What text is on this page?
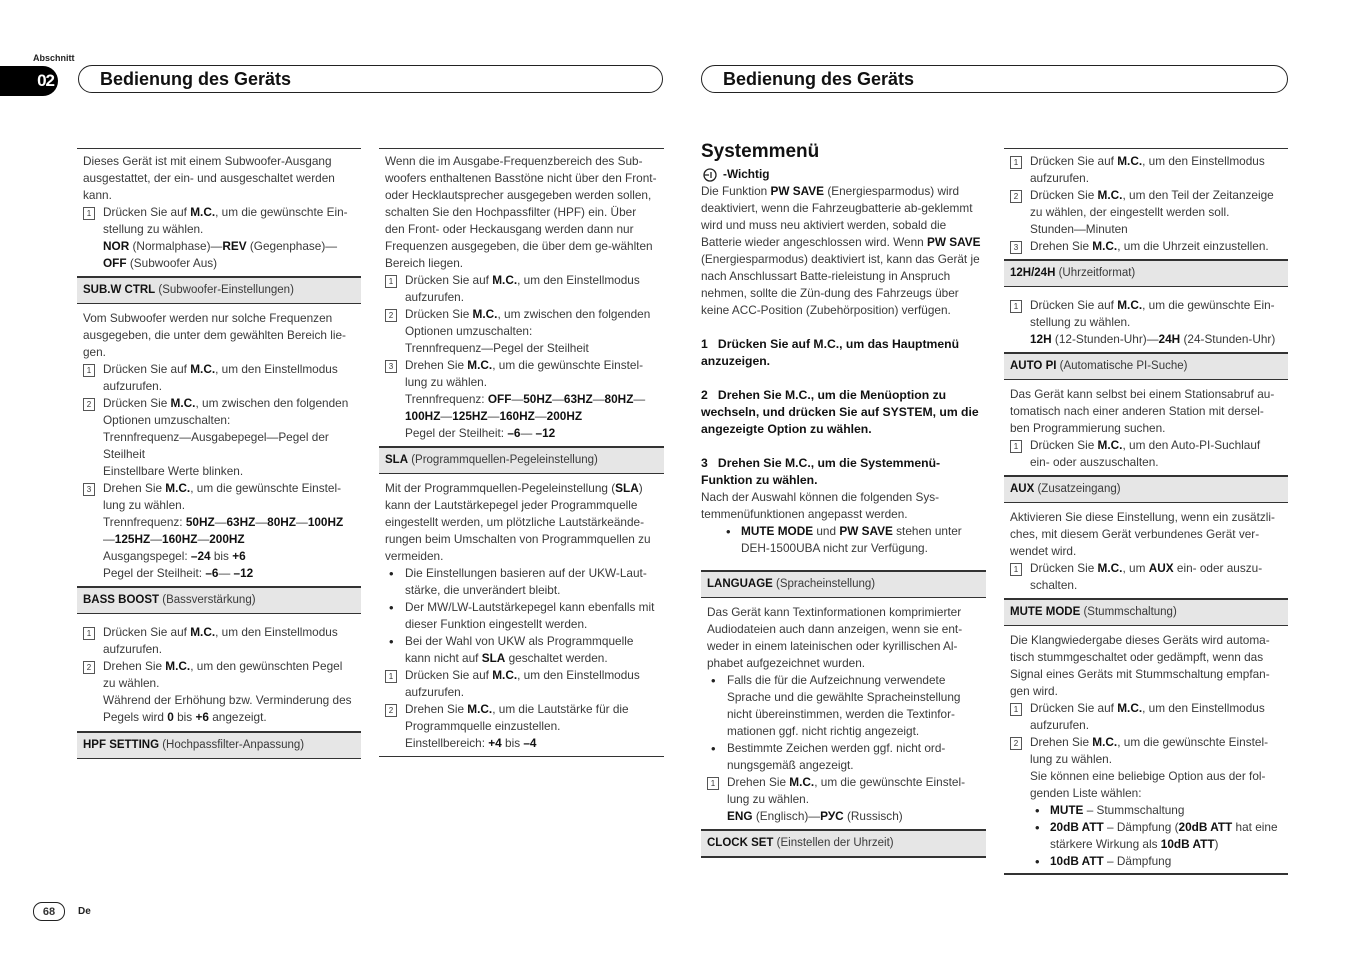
Abschnitt
02	Bedienung des Geräts	Bedienung des Geräts

Dieses Gerät ist mit einem Subwoofer-Ausgang ausgestattet, der ein- und ausgeschaltet werden kann.

1 Drücken Sie auf M.C., um die gewünschte Ein-stellung zu wählen.
NOR (Normalphase)—REV (Gegenphase)—OFF (Subwoofer Aus)
SUB.W CTRL (Subwoofer-Einstellungen)

Vom Subwoofer werden nur solche Frequenzen ausgegeben, die unter dem gewählten Bereich lie-gen.

1 Drücken Sie auf M.C., um den Einstellmodus aufzurufen.
2 Drücken Sie M.C., um zwischen den folgenden Optionen umzuschalten:
Trennfrequenz—Ausgabepegel—Pegel der Steilheit
Einstellbare Werte blinken.
3 Drehen Sie M.C., um die gewünschte Einstel-lung zu wählen.
Trennfrequenz: 50HZ—63HZ—80HZ—100HZ—125HZ—160HZ—200HZ
Ausgangspegel: –24 bis +6
Pegel der Steilheit: –6— –12
BASS BOOST (Bassverstärkung)
1 Drücken Sie auf M.C., um den Einstellmodus aufzurufen.
2 Drehen Sie M.C., um den gewünschten Pegel zu wählen.
Während der Erhöhung bzw. Verminderung des Pegels wird 0 bis +6 angezeigt.
HPF SETTING (Hochpassfilter-Anpassung)

Wenn die im Ausgabe-Frequenzbereich des Sub-woofers enthaltenen Basstöne nicht über den Front- oder Hecklautsprecher ausgegeben werden sollen, schalten Sie den Hochpassfilter (HPF) ein. Über den Front- oder Heckausgang werden dann nur Frequenzen ausgegeben, die über dem ge-wählten Bereich liegen.

1 Drücken Sie auf M.C., um den Einstellmodus aufzurufen.
2 Drücken Sie M.C., um zwischen den folgenden Optionen umzuschalten:
Trennfrequenz—Pegel der Steilheit
3 Drehen Sie M.C., um die gewünschte Einstel-lung zu wählen.
Trennfrequenz: OFF—50HZ—63HZ—80HZ—100HZ—125HZ—160HZ—200HZ
Pegel der Steilheit: –6— –12
SLA (Programmquellen-Pegeleinstellung)

Mit der Programmquellen-Pegeleinstellung (SLA) kann der Lautstärkepegel jeder Programmquelle eingestellt werden, um plötzliche Lautstärkeände-rungen beim Umschalten von Programmquellen zu vermeiden.

• Die Einstellungen basieren auf der UKW-Laut-stärke, die unverändert bleibt.
• Der MW/LW-Lautstärkepegel kann ebenfalls mit dieser Funktion eingestellt werden.
• Bei der Wahl von UKW als Programmquelle kann nicht auf SLA geschaltet werden.
1 Drücken Sie auf M.C., um den Einstellmodus aufzurufen.
2 Drehen Sie M.C., um die Lautstärke für die Programmquelle einzustellen.
Einstellbereich: +4 bis –4
Systemmenü
- Wichtig

Die Funktion PW SAVE (Energiesparmodus) wird deaktiviert, wenn die Fahrzeugbatterie ab-geklemmt wird und muss neu aktiviert werden, sobald die Batterie wieder angeschlossen wird. Wenn PW SAVE (Energiesparmodus) deaktiviert ist, kann das Gerät je nach Anschlussart Batte-rieleistung in Anspruch nehmen, sollte die Zün-dung des Fahrzeugs über keine ACC-Position (Zubehörposition) verfügen.

1   Drücken Sie auf M.C., um das Hauptmenü anzuzeigen.

2   Drehen Sie M.C., um die Menüoption zu wechseln, und drücken Sie auf SYSTEM, um die angezeigte Option zu wählen.

3   Drehen Sie M.C., um die Systemmenü-Funktion zu wählen.

Nach der Auswahl können die folgenden Sys-temmenüfunktionen angepasst werden.

• MUTE MODE und PW SAVE stehen unter DEH-1500UBA nicht zur Verfügung.
LANGUAGE (Spracheinstellung)

Das Gerät kann Textinformationen komprimierter Audiodateien auch dann anzeigen, wenn sie ent-weder in einem lateinischen oder kyrillischen Al-phabet aufgezeichnet wurden.

• Falls die für die Aufzeichnung verwendete Sprache und die gewählte Spracheinstellung nicht übereinstimmen, werden die Textinfor-mationen ggf. nicht richtig angezeigt.
• Bestimmte Zeichen werden ggf. nicht ord-nungsgemäß angezeigt.
1 Drehen Sie M.C., um die gewünschte Einstel-lung zu wählen.
ENG (Englisch)—РУС (Russisch)
CLOCK SET (Einstellen der Uhrzeit)
1 Drücken Sie auf M.C., um den Einstellmodus aufzurufen.
2 Drücken Sie M.C., um den Teil der Zeitanzeige zu wählen, der eingestellt werden soll.
Stunden—Minuten
3 Drehen Sie M.C., um die Uhrzeit einzustellen.
12H/24H (Uhrzeitformat)
1 Drücken Sie auf M.C., um die gewünschte Ein-stellung zu wählen.
12H (12-Stunden-Uhr)—24H (24-Stunden-Uhr)
AUTO PI (Automatische PI-Suche)

Das Gerät kann selbst bei einem Stationsabruf au-tomatisch nach einer anderen Station mit dersel-ben Programmierung suchen.

1 Drücken Sie M.C., um den Auto-PI-Suchlauf ein- oder auszuschalten.
AUX (Zusatzeingang)

Aktivieren Sie diese Einstellung, wenn ein zusätzli-ches, mit diesem Gerät verbundenes Gerät ver-wendet wird.

1 Drücken Sie M.C., um AUX ein- oder auszu-schalten.
MUTE MODE (Stummschaltung)

Die Klangwiedergabe dieses Geräts wird automa-tisch stummgeschaltet oder gedämpft, wenn das Signal eines Geräts mit Stummschaltung empfan-gen wird.

1 Drücken Sie auf M.C., um den Einstellmodus aufzurufen.
2 Drehen Sie M.C., um die gewünschte Einstel-lung zu wählen.
Sie können eine beliebige Option aus der fol-genden Liste wählen:
• MUTE – Stummschaltung
• 20dB ATT – Dämpfung (20dB ATT hat eine stärkere Wirkung als 10dB ATT)
• 10dB ATT – Dämpfung
68	De
